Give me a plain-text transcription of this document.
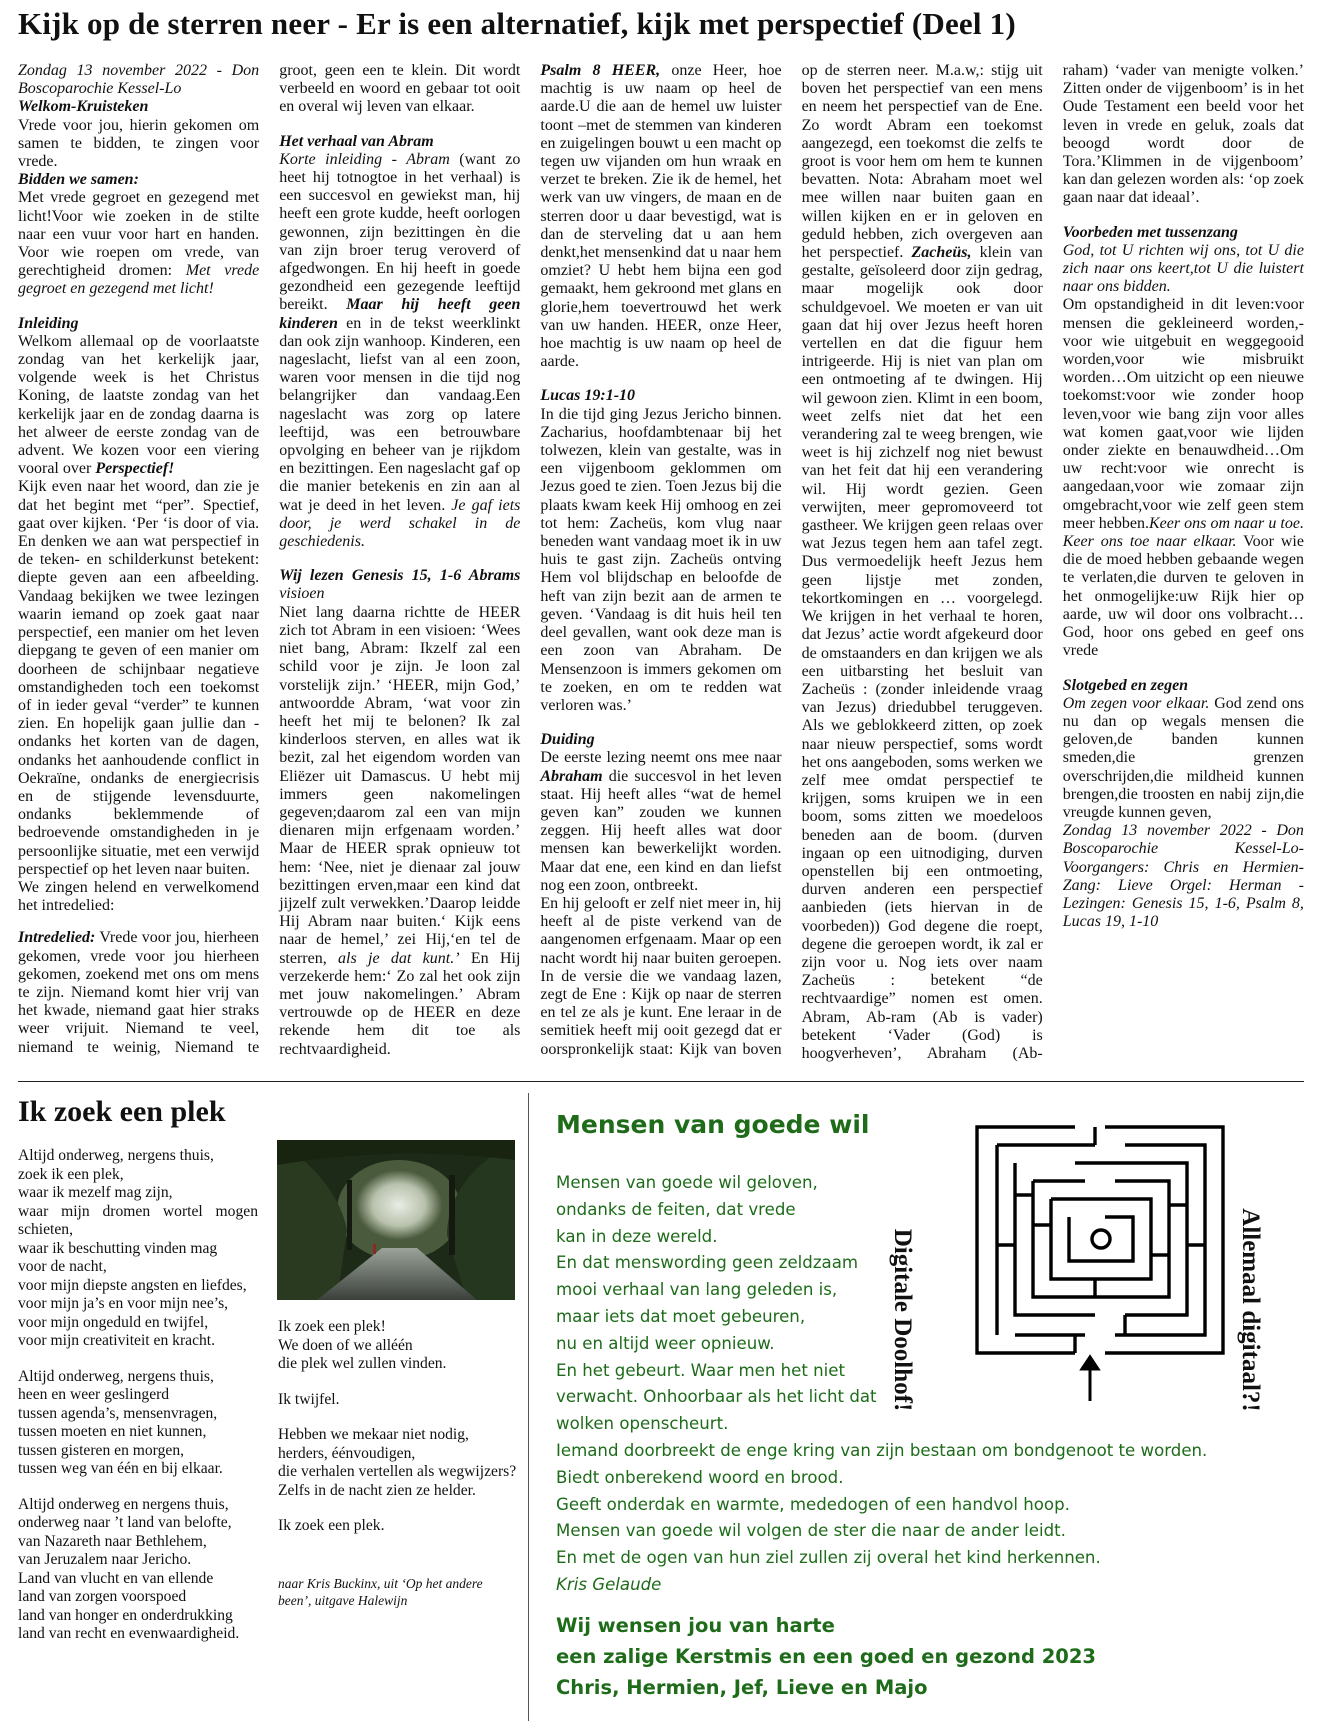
Kijk op de sterren neer - Er is een alternatief, kijk met perspectief (Deel 1)

Zondag 13 november 2022 - Don Boscoparochie Kessel-Lo

Welkom-Kruisteken

Vrede voor jou, hierin gekomen om samen te bidden, te zingen voor vrede.

Bidden we samen:

Met vrede gegroet en gezegend met licht!Voor wie zoeken in de stilte naar een vuur voor hart en handen. Voor wie roepen om vrede, van gerechtigheid dromen: Met vrede gegroet en gezegend met licht!

Inleiding

Welkom allemaal op de voorlaatste zondag van het kerkelijk jaar, volgende week is het Christus Koning, de laatste zondag van het kerkelijk jaar en de zondag daarna is het alweer de eerste zondag van de advent. We kozen voor een viering vooral over Perspectief!

Kijk even naar het woord, dan zie je dat het begint met “per”. Spectief, gaat over kijken. ‘Per ‘is door of via. En denken we aan wat perspectief in de teken- en schilderkunst betekent: diepte geven aan een afbeelding. Vandaag bekijken we twee lezingen waarin iemand op zoek gaat naar perspectief, een manier om het leven diepgang te geven of een manier om doorheen de schijnbaar negatieve omstandigheden toch een toekomst of in ieder geval “verder” te kunnen zien. En hopelijk gaan jullie dan -ondanks het korten van de dagen, ondanks het aanhoudende conflict in Oekraïne, ondanks de energiecrisis en de stijgende levensduurte, ondanks beklemmende of bedroevende omstandigheden in je persoonlijke situatie, met een verwijd perspectief op het leven naar buiten.

We zingen helend en verwelkomend het intredelied:

Intredelied: Vrede voor jou, hierheen gekomen, vrede voor jou hierheen gekomen, zoekend met ons om mens te zijn. Niemand komt hier vrij van het kwade, niemand gaat hier straks weer vrijuit. Niemand te veel, niemand te weinig, Niemand te groot, geen een te klein. Dit wordt verbeeld en woord en gebaar tot ooit en overal wij leven van elkaar.

Het verhaal van Abram

Korte inleiding - Abram (want zo heet hij totnogtoe in het verhaal) is een succesvol en gewiekst man, hij heeft een grote kudde, heeft oorlogen gewonnen, zijn bezittingen èn die van zijn broer terug veroverd of afgedwongen. En hij heeft in goede gezondheid een gezegende leeftijd bereikt. Maar hij heeft geen kinderen en in de tekst weerklinkt dan ook zijn wanhoop. Kinderen, een nageslacht, liefst van al een zoon, waren voor mensen in die tijd nog belangrijker dan vandaag.Een nageslacht was zorg op latere leeftijd, was een betrouwbare opvolging en beheer van je rijkdom en bezittingen. Een nageslacht gaf op die manier betekenis en zin aan al wat je deed in het leven. Je gaf iets door, je werd schakel in de geschiedenis.

Wij lezen Genesis 15, 1-6 Abrams visioen

Niet lang daarna richtte de HEER zich tot Abram in een visioen: ‘Wees niet bang, Abram: Ikzelf zal een schild voor je zijn. Je loon zal vorstelijk zijn.’ ‘HEER, mijn God,’ antwoordde Abram, ‘wat voor zin heeft het mij te belonen? Ik zal kinderloos sterven, en alles wat ik bezit, zal het eigendom worden van Eliëzer uit Damascus. U hebt mij immers geen nakomelingen gegeven;daarom zal een van mijn dienaren mijn erfgenaam worden.’ Maar de HEER sprak opnieuw tot hem: ‘Nee, niet je dienaar zal jouw bezittingen erven,maar een kind dat jijzelf zult verwekken.’Daarop leidde Hij Abram naar buiten.‘ Kijk eens naar de hemel,’ zei Hij,‘en tel de sterren, als je dat kunt.’ En Hij verzekerde hem:‘ Zo zal het ook zijn met jouw nakomelingen.’ Abram vertrouwde op de HEER en deze rekende hem dit toe als rechtvaardigheid.

Psalm 8 HEER, onze Heer, hoe machtig is uw naam op heel de aarde.U die aan de hemel uw luister toont –met de stemmen van kinderen en zuigelingen bouwt u een macht op tegen uw vijanden om hun wraak en verzet te breken. Zie ik de hemel, het werk van uw vingers, de maan en de sterren door u daar bevestigd, wat is dan de sterveling dat u aan hem denkt,het mensenkind dat u naar hem omziet? U hebt hem bijna een god gemaakt, hem gekroond met glans en glorie,hem toevertrouwd het werk van uw handen. HEER, onze Heer, hoe machtig is uw naam op heel de aarde.

Lucas 19:1-10

In die tijd ging Jezus Jericho binnen. Zacharius, hoofdambtenaar bij het tolwezen, klein van gestalte, was in een vijgenboom geklommen om Jezus goed te zien. Toen Jezus bij die plaats kwam keek Hij omhoog en zei tot hem: Zacheüs, kom vlug naar beneden want vandaag moet ik in uw huis te gast zijn. Zacheüs ontving Hem vol blijdschap en beloofde de heft van zijn bezit aan de armen te geven. ‘Vandaag is dit huis heil ten deel gevallen, want ook deze man is een zoon van Abraham. De Mensenzoon is immers gekomen om te zoeken, en om te redden wat verloren was.’

Duiding

De eerste lezing neemt ons mee naar Abraham die succesvol in het leven staat. Hij heeft alles “wat de hemel geven kan” zouden we kunnen zeggen. Hij heeft alles wat door mensen kan bewerkelijkt worden. Maar dat ene, een kind en dan liefst nog een zoon, ontbreekt.

En hij gelooft er zelf niet meer in, hij heeft al de piste verkend van de aangenomen erfgenaam. Maar op een nacht wordt hij naar buiten geroepen. In de versie die we vandaag lazen, zegt de Ene : Kijk op naar de sterren en tel ze als je kunt. Ene leraar in de semitiek heeft mij ooit gezegd dat er oorspronkelijk staat: Kijk van boven op de sterren neer. M.a.w,: stijg uit boven het perspectief van een mens en neem het perspectief van de Ene. Zo wordt Abram een toekomst aangezegd, een toekomst die zelfs te groot is voor hem om hem te kunnen bevatten. Nota: Abraham moet wel mee willen naar buiten gaan en willen kijken en er in geloven en geduld hebben, zich overgeven aan het perspectief. Zacheüs, klein van gestalte, geïsoleerd door zijn gedrag, maar mogelijk ook door schuldgevoel. We moeten er van uit gaan dat hij over Jezus heeft horen vertellen en dat die figuur hem intrigeerde. Hij is niet van plan om een ontmoeting af te dwingen. Hij wil gewoon zien. Klimt in een boom, weet zelfs niet dat het een verandering zal te weeg brengen, wie weet is hij zichzelf nog niet bewust van het feit dat hij een verandering wil. Hij wordt gezien. Geen verwijten, meer gepromoveerd tot gastheer. We krijgen geen relaas over wat Jezus tegen hem aan tafel zegt. Dus vermoedelijk heeft Jezus hem geen lijstje met zonden, tekortkomingen en … voorgelegd. We krijgen in het verhaal te horen, dat Jezus’ actie wordt afgekeurd door de omstaanders en dan krijgen we als een uitbarsting het besluit van Zacheüs : (zonder inleidende vraag van Jezus) driedubbel teruggeven. Als we geblokkeerd zitten, op zoek naar nieuw perspectief, soms wordt het ons aangeboden, soms werken we zelf mee omdat perspectief te krijgen, soms kruipen we in een boom, soms zitten we moedeloos beneden aan de boom. (durven ingaan op een uitnodiging, durven openstellen bij een ontmoeting, durven anderen een perspectief aanbieden (iets hiervan in de voorbeden)) God degene die roept, degene die geroepen wordt, ik zal er zijn voor u. Nog iets over naam Zacheüs : betekent “de rechtvaardige” nomen est omen. Abram, Ab-ram (Ab is vader) betekent ‘Vader (God) is hoogverheven’, Abraham (Ab-raham) ‘vader van menigte volken.’ Zitten onder de vijgenboom’ is in het Oude Testament een beeld voor het leven in vrede en geluk, zoals dat beoogd wordt door de Tora.’Klimmen in de vijgenboom’ kan dan gelezen worden als: ‘op zoek gaan naar dat ideaal’.

Voorbeden met tussenzang

God, tot U richten wij ons, tot U die zich naar ons keert,tot U die luistert naar ons bidden.

Om opstandigheid in dit leven:voor mensen die gekleineerd worden,-voor wie uitgebuit en weggegooid worden,voor wie misbruikt worden…Om uitzicht op een nieuwe toekomst:voor wie zonder hoop leven,voor wie bang zijn voor alles wat komen gaat,voor wie lijden onder ziekte en benauwdheid…Om uw recht:voor wie onrecht is aangedaan,voor wie zomaar zijn omgebracht,voor wie zelf geen stem meer hebben.Keer ons om naar u toe. Keer ons toe naar elkaar. Voor wie die de moed hebben gebaande wegen te verlaten,die durven te geloven in het onmogelijke:uw Rijk hier op aarde, uw wil door ons volbracht…God, hoor ons gebed en geef ons vrede

Slotgebed en zegen

Om zegen voor elkaar. God zend ons nu dan op wegals mensen die geloven,de banden kunnen smeden,die grenzen overschrijden,die mildheid kunnen brengen,die troosten en nabij zijn,die vreugde kunnen geven,

Zondag 13 november 2022 - Don Boscoparochie Kessel-Lo- Voorgangers: Chris en Hermien-Zang: Lieve Orgel: Herman - Lezingen: Genesis 15, 1-6, Psalm 8, Lucas 19, 1-10

Ik zoek een plek

Altijd onderweg, nergens thuis,

zoek ik een plek,

waar ik mezelf mag zijn,

waar mijn dromen wortel mogen schieten,

waar ik beschutting vinden mag

voor de nacht,

voor mijn diepste angsten en liefdes,

voor mijn ja’s en voor mijn nee’s,

voor mijn ongeduld en twijfel,

voor mijn creativiteit en kracht.

Altijd onderweg, nergens thuis,

heen en weer geslingerd

tussen agenda’s, mensenvragen,

tussen moeten en niet kunnen,

tussen gisteren en morgen,

tussen weg van één en bij elkaar.

Altijd onderweg en nergens thuis,

onderweg naar ’t land van belofte,

van Nazareth naar Bethlehem,

van Jeruzalem naar Jericho.

Land van vlucht en van ellende

land van zorgen voorspoed

land van honger en onderdrukking

land van recht en evenwaardigheid.

Ik zoek een plek!

We doen of we alléén

die plek wel zullen vinden.

Ik twijfel.

Hebben we mekaar niet nodig,

herders, éénvoudigen,

die verhalen vertellen als wegwijzers?

Zelfs in de nacht zien ze helder.

Ik zoek een plek.

naar Kris Buckinx, uit ‘Op het andere been’, uitgave Halewijn
Mensen van goede wil

Mensen van goede wil geloven,

ondanks de feiten, dat vrede

kan in deze wereld.

En dat menswording geen zeldzaam

mooi verhaal van lang geleden is,

maar iets dat moet gebeuren,

nu en altijd weer opnieuw.

En het gebeurt. Waar men het niet

verwacht. Onhoorbaar als het licht dat

wolken openscheurt.

Iemand doorbreekt de enge kring van zijn bestaan om bondgenoot te worden.

Biedt onberekend woord en brood.

Geeft onderdak en warmte, mededogen of een handvol hoop.

Mensen van goede wil volgen de ster die naar de ander leidt.

En met de ogen van hun ziel zullen zij overal het kind herkennen.

Kris Gelaude

Wij wensen jou van harte

een zalige Kerstmis en een goed en gezond 2023

Chris, Hermien, Jef, Lieve en Majo

Digitale Doolhof!	Allemaal digitaal?!
